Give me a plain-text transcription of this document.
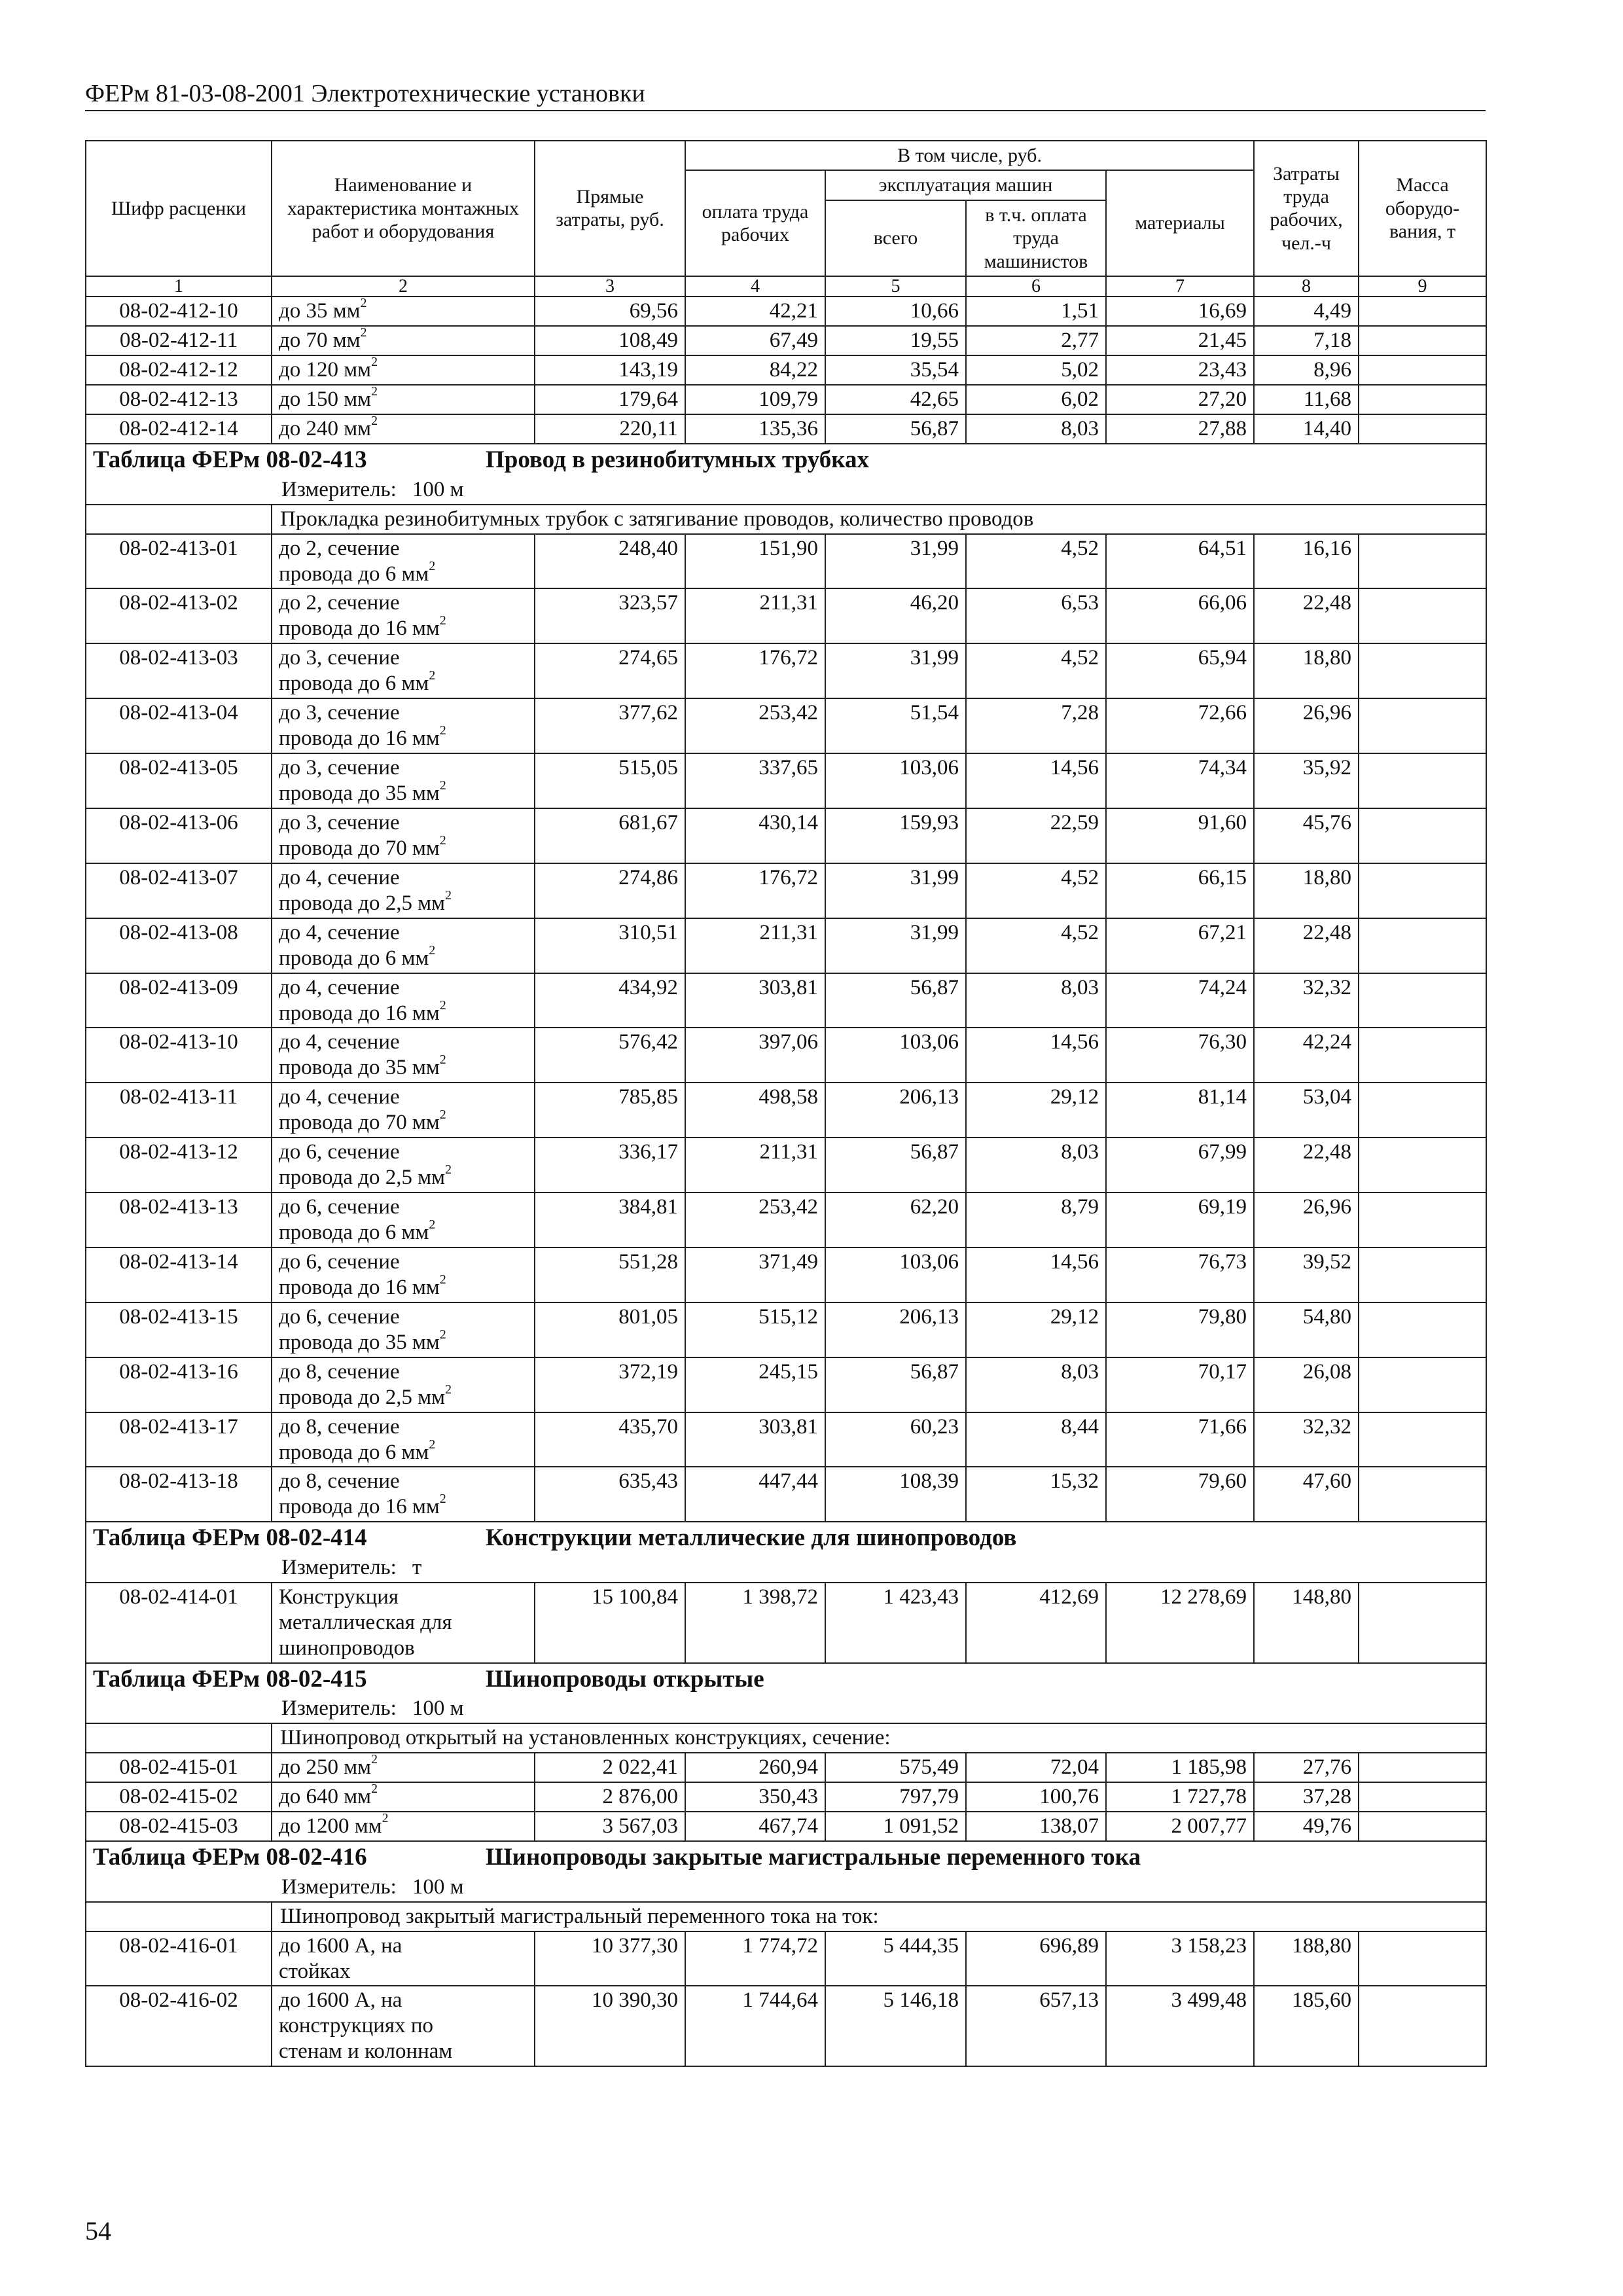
ФЕРм 81-03-08-2001 Электротехнические установки
Шифр расценки	Наименование и характеристика монтажных работ и оборудования	Прямые затраты, руб.	В том числе, руб.				Затраты труда рабочих, чел.-ч	Масса оборудо-вания, т
			оплата труда рабочих	эксплуатация машин		материалы		
				всего	в т.ч. оплата труда машинистов			
1	2	3	4	5	6	7	8	9
08-02-412-10	до 35 $мм^2$	69,56	42,21	10,66	1,51	16,69	4,49	
08-02-412-11	до 70 $мм^2$	108,49	67,49	19,55	2,77	21,45	7,18	
08-02-412-12	до 120 $мм^2$	143,19	84,22	35,54	5,02	23,43	8,96	
08-02-412-13	до 150 $мм^2$	179,64	109,79	42,65	6,02	27,20	11,68	
08-02-412-14	до 240 $мм^2$	220,11	135,36	56,87	8,03	27,88	14,40	
Таблица ФЕРм 08-02-413 Провод в резинобитумных трубках								
Измеритель: 100 м								
	Прокладка резинобитумных трубок с затягивание проводов, количество проводов							
08-02-413-01	до 2, сечение
провода до 6 $мм^2$	248,40	151,90	31,99	4,52	64,51	16,16	
08-02-413-02	до 2, сечение
провода до 16 $мм^2$	323,57	211,31	46,20	6,53	66,06	22,48	
08-02-413-03	до 3, сечение
провода до 6 $мм^2$	274,65	176,72	31,99	4,52	65,94	18,80	
08-02-413-04	до 3, сечение
провода до 16 $мм^2$	377,62	253,42	51,54	7,28	72,66	26,96	
08-02-413-05	до 3, сечение
провода до 35 $мм^2$	515,05	337,65	103,06	14,56	74,34	35,92	
08-02-413-06	до 3, сечение
провода до 70 $мм^2$	681,67	430,14	159,93	22,59	91,60	45,76	
08-02-413-07	до 4, сечение
провода до 2,5 $мм^2$	274,86	176,72	31,99	4,52	66,15	18,80	
08-02-413-08	до 4, сечение
провода до 6 $мм^2$	310,51	211,31	31,99	4,52	67,21	22,48	
08-02-413-09	до 4, сечение
провода до 16 $мм^2$	434,92	303,81	56,87	8,03	74,24	32,32	
08-02-413-10	до 4, сечение
провода до 35 $мм^2$	576,42	397,06	103,06	14,56	76,30	42,24	
08-02-413-11	до 4, сечение
провода до 70 $мм^2$	785,85	498,58	206,13	29,12	81,14	53,04	
08-02-413-12	до 6, сечение
провода до 2,5 $мм^2$	336,17	211,31	56,87	8,03	67,99	22,48	
08-02-413-13	до 6, сечение
провода до 6 $мм^2$	384,81	253,42	62,20	8,79	69,19	26,96	
08-02-413-14	до 6, сечение
провода до 16 $мм^2$	551,28	371,49	103,06	14,56	76,73	39,52	
08-02-413-15	до 6, сечение
провода до 35 $мм^2$	801,05	515,12	206,13	29,12	79,80	54,80	
08-02-413-16	до 8, сечение
провода до 2,5 $мм^2$	372,19	245,15	56,87	8,03	70,17	26,08	
08-02-413-17	до 8, сечение
провода до 6 $мм^2$	435,70	303,81	60,23	8,44	71,66	32,32	
08-02-413-18	до 8, сечение
провода до 16 $мм^2$	635,43	447,44	108,39	15,32	79,60	47,60	
Таблица ФЕРм 08-02-414 Конструкции металлические для шинопроводов								
Измеритель: т								
08-02-414-01	Конструкция
металлическая для
шинопроводов	15 100,84	1 398,72	1 423,43	412,69	12 278,69	148,80	
Таблица ФЕРм 08-02-415 Шинопроводы открытые								
Измеритель: 100 м								
	Шинопровод открытый на установленных конструкциях, сечение:							
08-02-415-01	до 250 $мм^2$	2 022,41	260,94	575,49	72,04	1 185,98	27,76	
08-02-415-02	до 640 $мм^2$	2 876,00	350,43	797,79	100,76	1 727,78	37,28	
08-02-415-03	до 1200 $мм^2$	3 567,03	467,74	1 091,52	138,07	2 007,77	49,76	
Таблица ФЕРм 08-02-416 Шинопроводы закрытые магистральные переменного тока								
Измеритель: 100 м								
	Шинопровод закрытый магистральный переменного тока на ток:							
08-02-416-01	до 1600 А, на
стойках	10 377,30	1 774,72	5 444,35	696,89	3 158,23	188,80	
08-02-416-02	до 1600 А, на
конструкциях по
стенам и колоннам	10 390,30	1 744,64	5 146,18	657,13	3 499,48	185,60	
54
